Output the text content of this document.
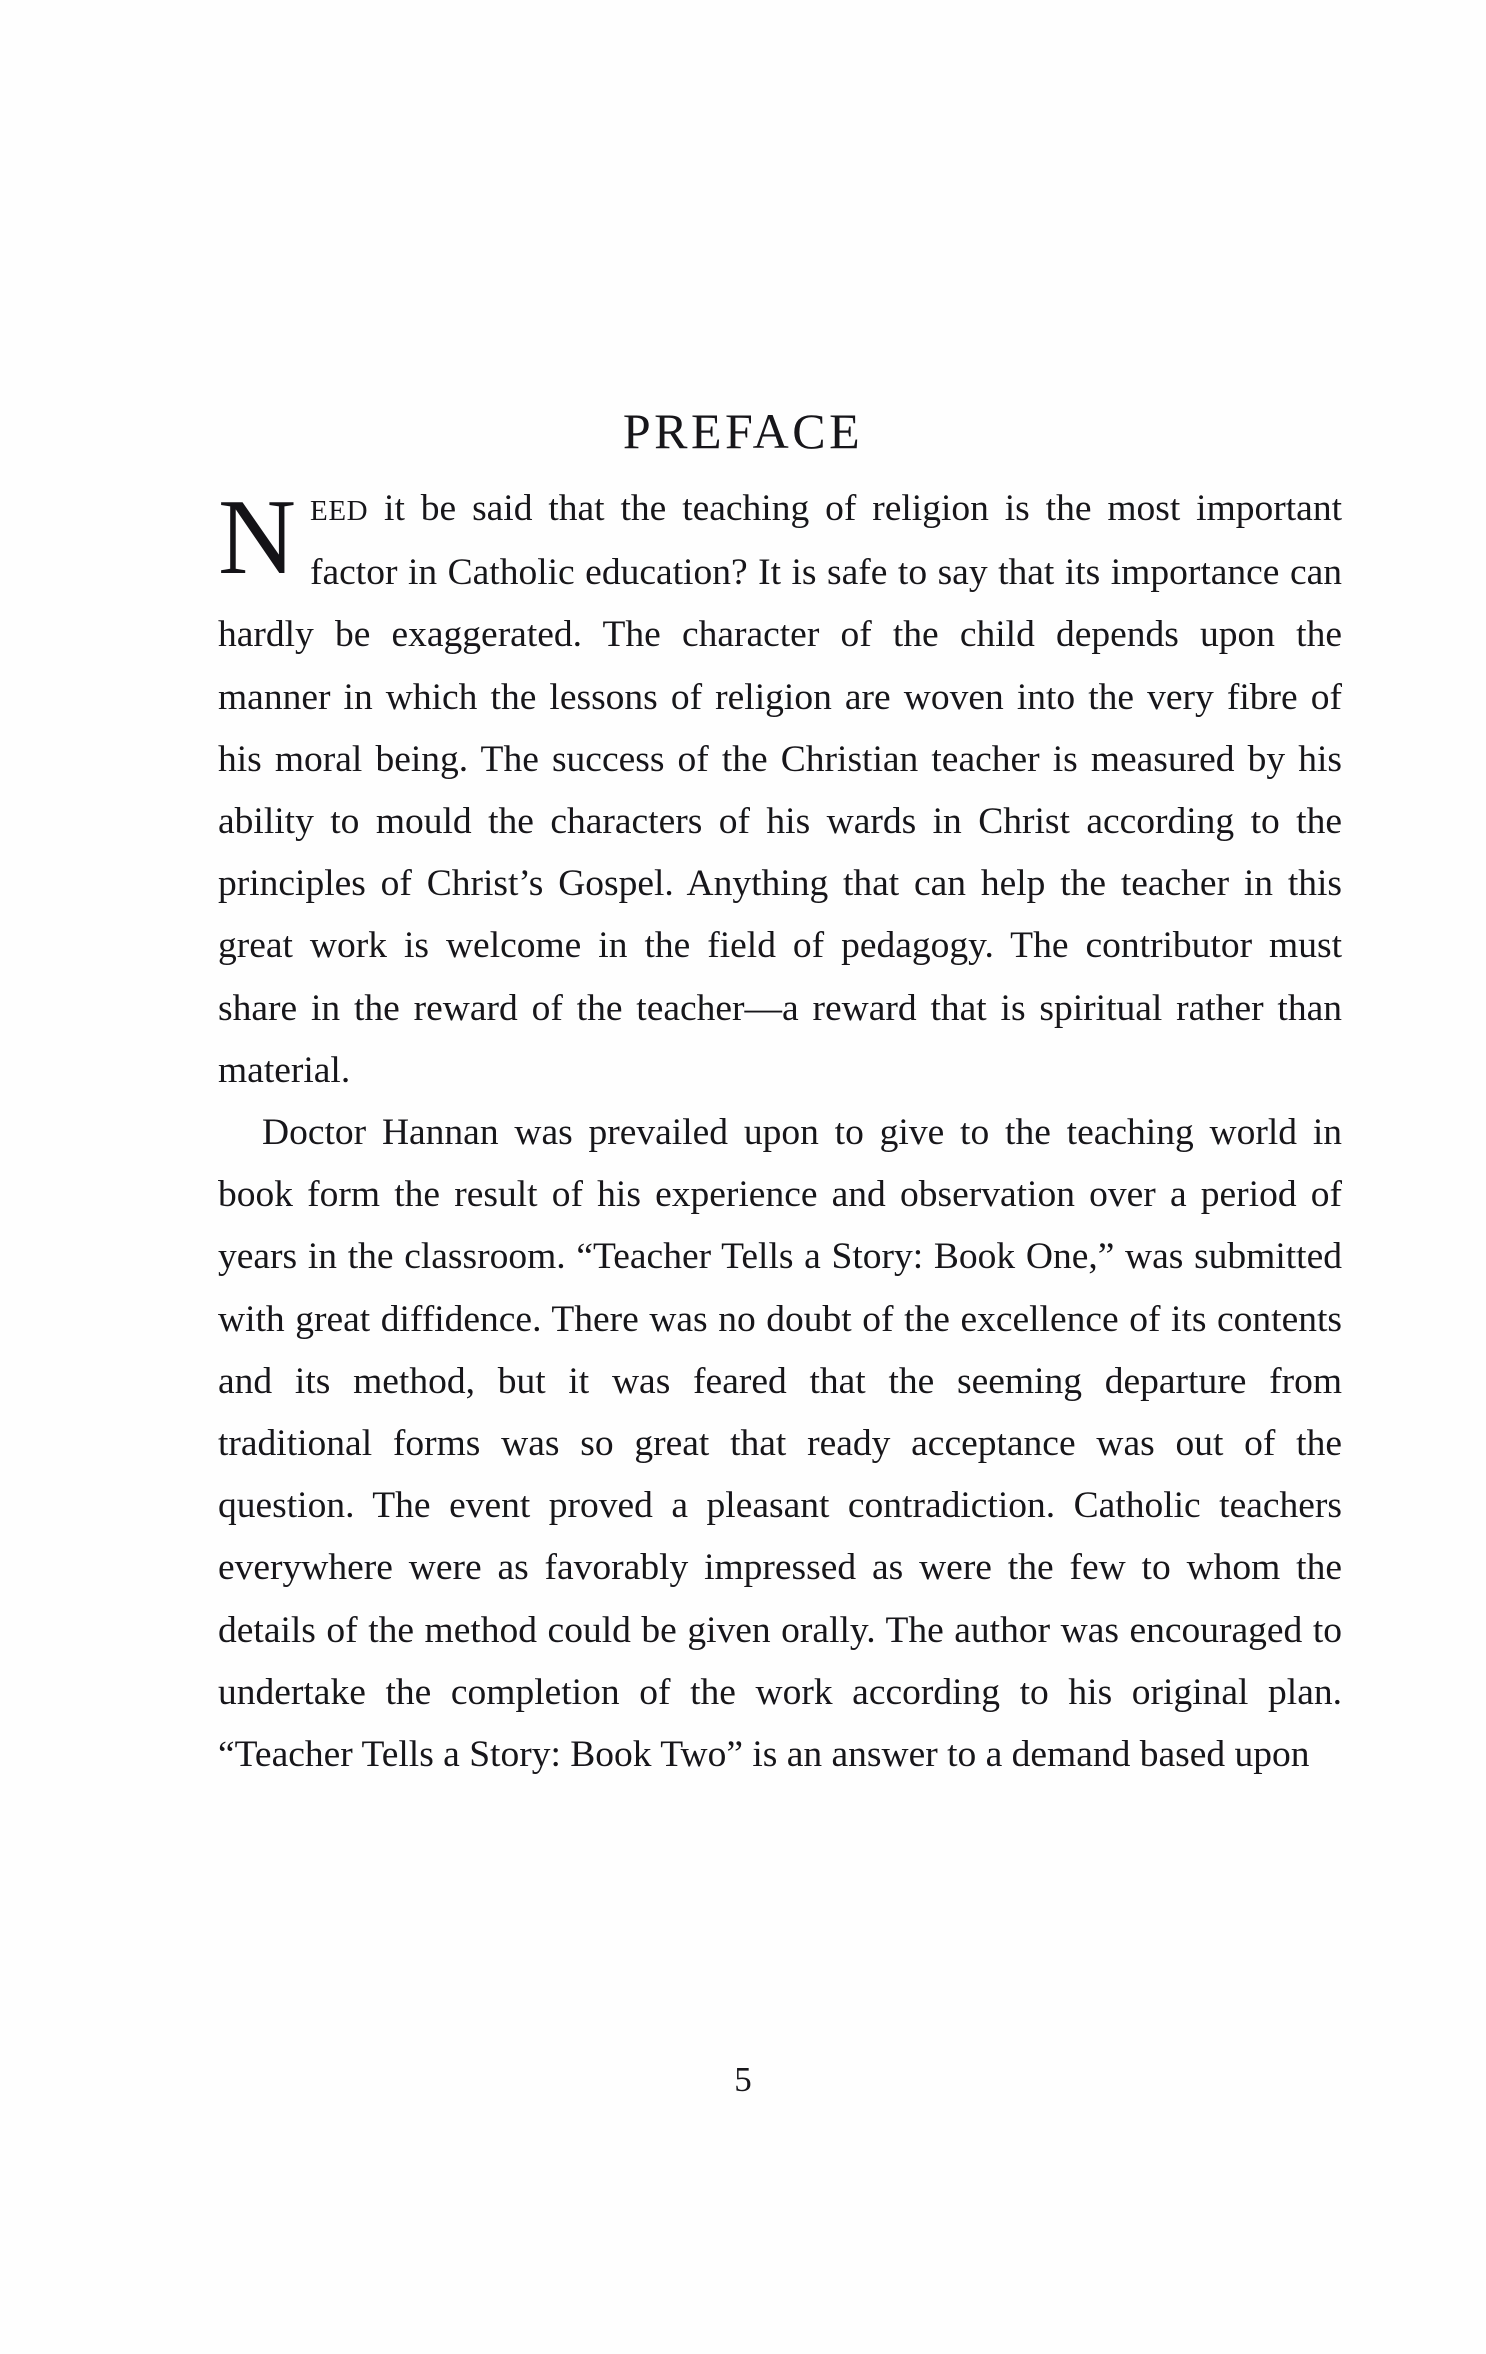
PREFACE

NEED it be said that the teaching of religion is the most important factor in Catholic education? It is safe to say that its importance can hardly be exaggerated. The character of the child depends upon the manner in which the lessons of religion are woven into the very fibre of his moral being. The success of the Christian teacher is measured by his ability to mould the characters of his wards in Christ according to the principles of Christ’s Gospel. Anything that can help the teacher in this great work is welcome in the field of pedagogy. The contributor must share in the reward of the teacher—a reward that is spiritual rather than material.

Doctor Hannan was prevailed upon to give to the teaching world in book form the result of his experience and observation over a period of years in the classroom. “Teacher Tells a Story: Book One,” was submitted with great diffidence. There was no doubt of the excellence of its contents and its method, but it was feared that the seeming departure from traditional forms was so great that ready acceptance was out of the question. The event proved a pleasant contradiction. Catholic teachers everywhere were as favorably impressed as were the few to whom the details of the method could be given orally. The author was encouraged to undertake the completion of the work according to his original plan. “Teacher Tells a Story: Book Two” is an answer to a demand based upon

5
